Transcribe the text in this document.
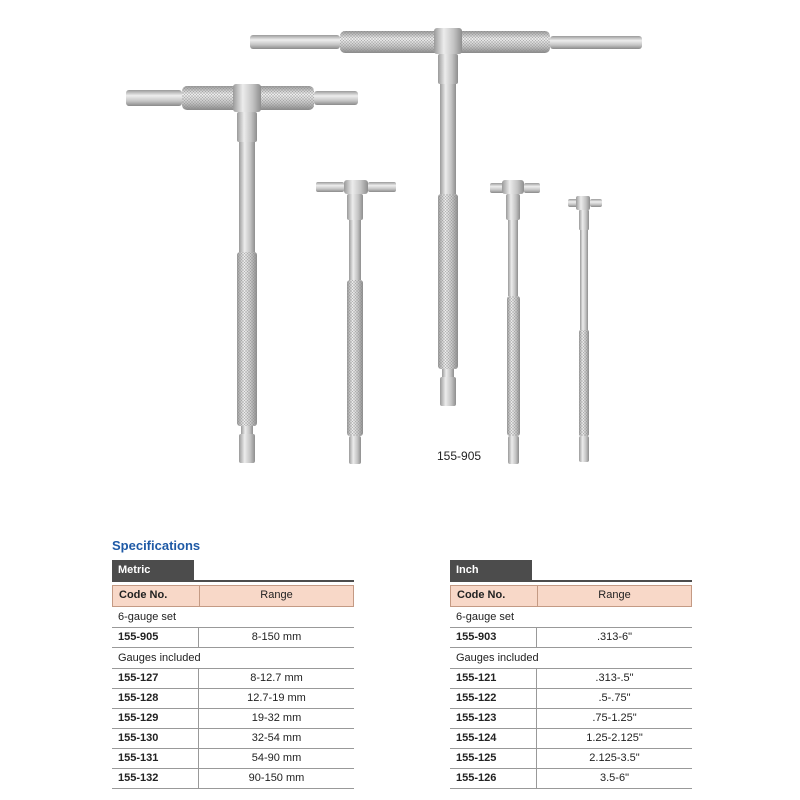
155-905
Specifications
Metric
Code No.	Range
6-gauge set
155-905	8-150 mm
Gauges included
155-127	8-12.7 mm
155-128	12.7-19 mm
155-129	19-32 mm
155-130	32-54 mm
155-131	54-90 mm
155-132	90-150 mm
Inch
Code No.	Range
6-gauge set
155-903	.313-6"
Gauges included
155-121	.313-.5"
155-122	.5-.75"
155-123	.75-1.25"
155-124	1.25-2.125"
155-125	2.125-3.5"
155-126	3.5-6"
